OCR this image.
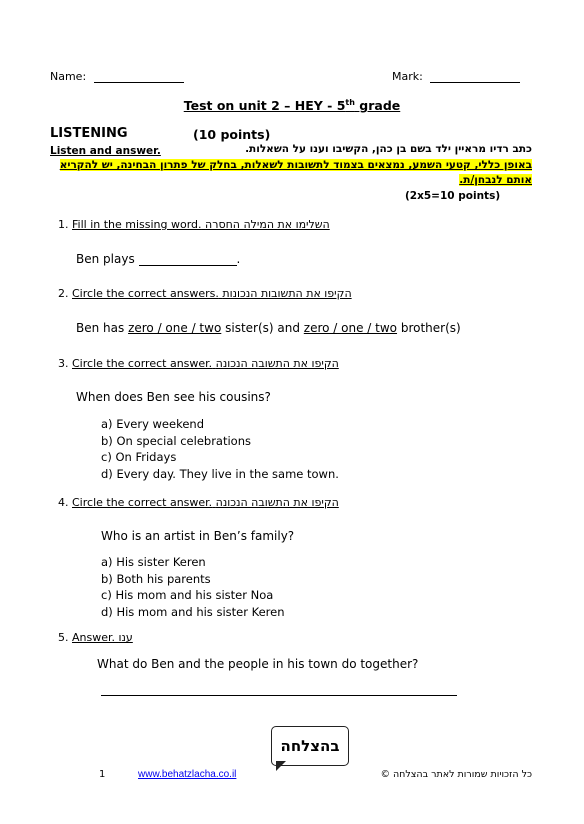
Name:	Mark:
Test on unit 2 – HEY - 5th grade
LISTENING	(10 points)
Listen and answer.	כתב רדיו מראיין ילד בשם בן כהן, הקשיבו וענו על השאלות.
באופן כללי, קטעי השמע, נמצאים בצמוד לתשובות לשאלות, בחלק של פתרון הבחינה, יש להקריא
אותם לנבחן/ת.
(2x5=10 points)
1. Fill in the missing word. השלימו את המילה החסרה
Ben plays	.
2. Circle the correct answers. הקיפו את התשובות הנכונות
Ben has zero / one / two sister(s) and zero / one / two brother(s)
3. Circle the correct answer. הקיפו את התשובה הנכונה
When does Ben see his cousins?
a) Every weekend
b) On special celebrations
c) On Fridays
d) Every day. They live in the same town.
4. Circle the correct answer. הקיפו את התשובה הנכונה
Who is an artist in Ben’s family?
a) His sister Keren
b) Both his parents
c) His mom and his sister Noa
d) His mom and his sister Keren
5. Answer. ענו
What do Ben and the people in his town do together?
בהצלחה
1	www.behatzlacha.co.il	כל הזכויות שמורות לאתר בהצלחה ©
